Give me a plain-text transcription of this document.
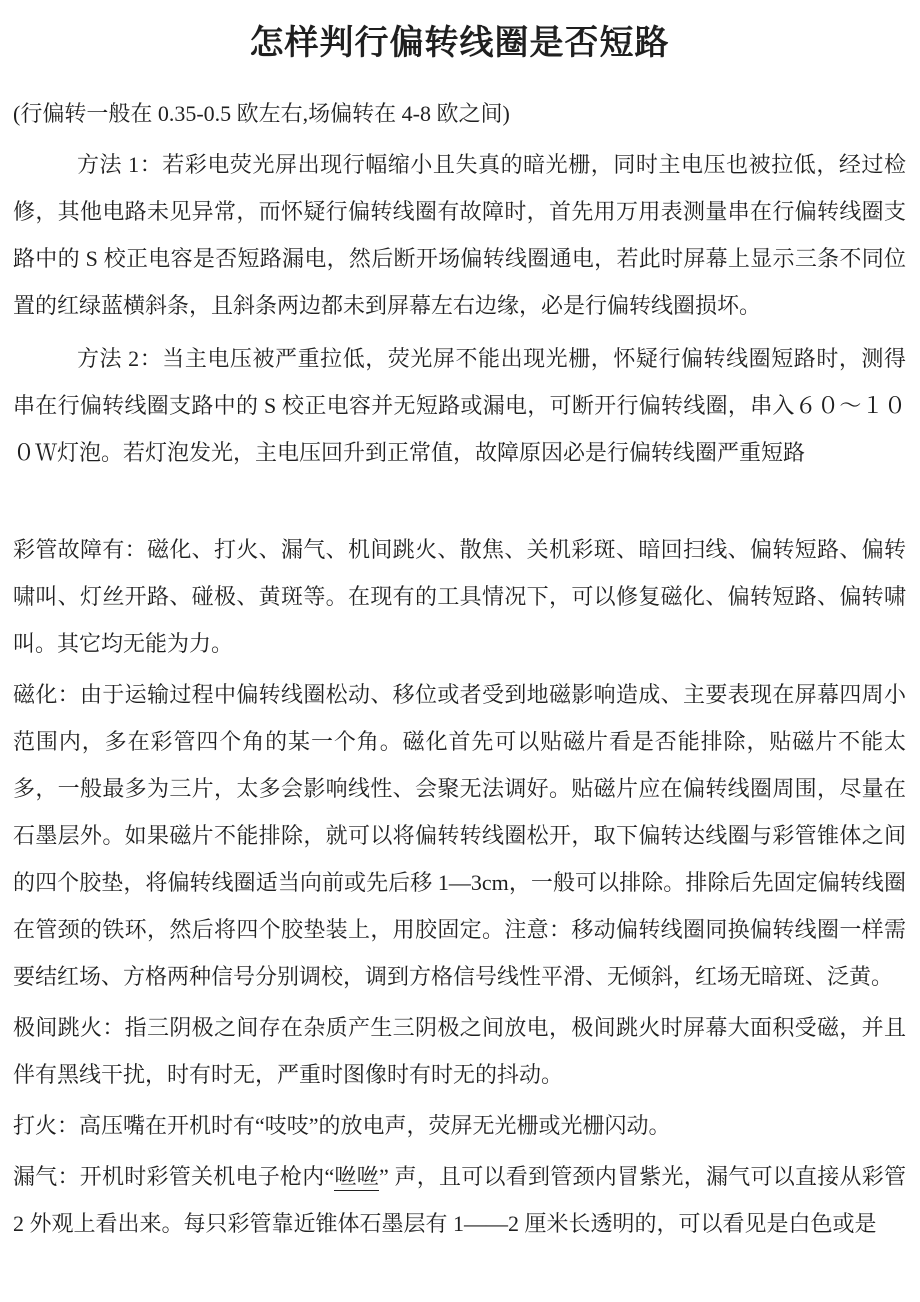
怎样判行偏转线圈是否短路

(行偏转一般在 0.35-0.5 欧左右,场偏转在 4-8 欧之间)

方法 1：若彩电荧光屏出现行幅缩小且失真的暗光栅，同时主电压也被拉低，经过检修，其他电路未见异常，而怀疑行偏转线圈有故障时，首先用万用表测量串在行偏转线圈支路中的 S 校正电容是否短路漏电，然后断开场偏转线圈通电，若此时屏幕上显示三条不同位置的红绿蓝横斜条，且斜条两边都未到屏幕左右边缘，必是行偏转线圈损坏。

方法 2：当主电压被严重拉低，荧光屏不能出现光栅，怀疑行偏转线圈短路时，测得串在行偏转线圈支路中的 S 校正电容并无短路或漏电，可断开行偏转线圈，串入６０～１００Ｗ灯泡。若灯泡发光，主电压回升到正常值，故障原因必是行偏转线圈严重短路

彩管故障有：磁化、打火、漏气、机间跳火、散焦、关机彩斑、暗回扫线、偏转短路、偏转啸叫、灯丝开路、碰极、黄斑等。在现有的工具情况下，可以修复磁化、偏转短路、偏转啸叫。其它均无能为力。

磁化：由于运输过程中偏转线圈松动、移位或者受到地磁影响造成、主要表现在屏幕四周小范围内，多在彩管四个角的某一个角。磁化首先可以贴磁片看是否能排除，贴磁片不能太多，一般最多为三片，太多会影响线性、会聚无法调好。贴磁片应在偏转线圈周围，尽量在石墨层外。如果磁片不能排除，就可以将偏转转线圈松开，取下偏转达线圈与彩管锥体之间的四个胶垫，将偏转线圈适当向前或先后移 1—3cm，一般可以排除。排除后先固定偏转线圈在管颈的铁环，然后将四个胶垫装上，用胶固定。注意：移动偏转线圈同换偏转线圈一样需要结红场、方格两种信号分别调校，调到方格信号线性平滑、无倾斜，红场无暗斑、泛黄。

极间跳火：指三阴极之间存在杂质产生三阴极之间放电，极间跳火时屏幕大面积受磁，并且伴有黑线干扰，时有时无，严重时图像时有时无的抖动。

打火：高压嘴在开机时有“吱吱”的放电声，荧屏无光栅或光栅闪动。

漏气：开机时彩管关机电子枪内“咝咝” 声，且可以看到管颈内冒紫光，漏气可以直接从彩管 2 外观上看出来。每只彩管靠近锥体石墨层有 1——2 厘米长透明的，可以看见是白色或是
